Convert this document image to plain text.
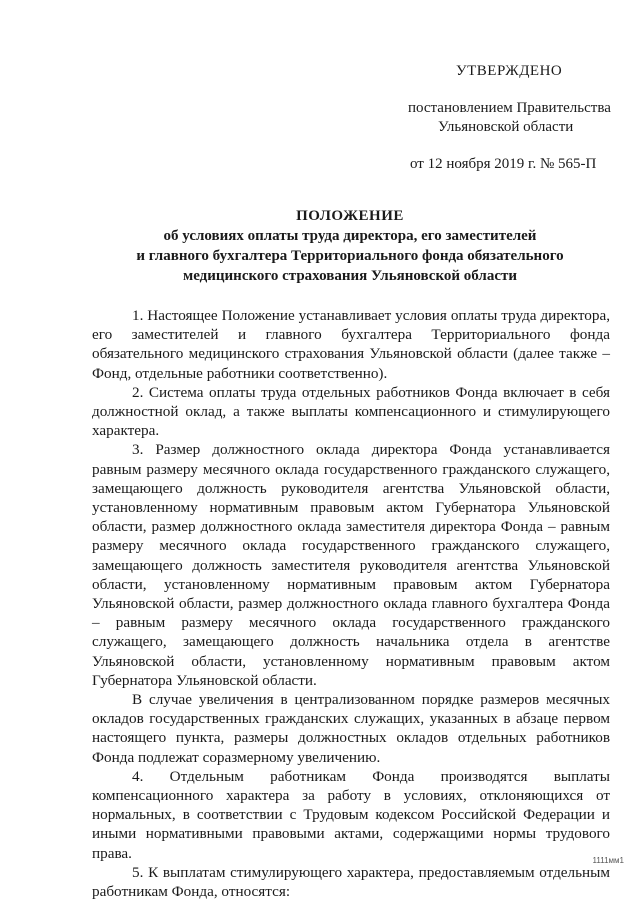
УТВЕРЖДЕНО
постановлением Правительства
Ульяновской области
от 12 ноября 2019 г. № 565-П
ПОЛОЖЕНИЕ
об условиях оплаты труда директора, его заместителей
и главного бухгалтера Территориального фонда обязательного
медицинского страхования Ульяновской области

1. Настоящее Положение устанавливает условия оплаты труда директора, его заместителей и главного бухгалтера Территориального фонда обязательного медицинского страхования Ульяновской области (далее также – Фонд, отдельные работники соответственно).

2. Система оплаты труда отдельных работников Фонда включает в себя должностной оклад, а также выплаты компенсационного и стимулирующего характера.

3. Размер должностного оклада директора Фонда устанавливается равным размеру месячного оклада государственного гражданского служащего, замещающего должность руководителя агентства Ульяновской области, установленному нормативным правовым актом Губернатора Ульяновской области, размер должностного оклада заместителя директора Фонда – равным размеру месячного оклада государственного гражданского служащего, замещающего должность заместителя руководителя агентства Ульяновской области, установленному нормативным правовым актом Губернатора Ульяновской области, размер должностного оклада главного бухгалтера Фонда – равным размеру месячного оклада государственного гражданского служащего, замещающего должность начальника отдела в агентстве Ульяновской области, установленному нормативным правовым актом Губернатора Ульяновской области.

В случае увеличения в централизованном порядке размеров месячных окладов государственных гражданских служащих, указанных в абзаце первом настоящего пункта, размеры должностных окладов отдельных работников Фонда подлежат соразмерному увеличению.

4. Отдельным работникам Фонда производятся выплаты компенсационного характера за работу в условиях, отклоняющихся от нормальных, в соответствии с Трудовым кодексом Российской Федерации и иными нормативными правовыми актами, содержащими нормы трудового права.

5. К выплатам стимулирующего характера, предоставляемым отдельным работникам Фонда, относятся:

1111мм1
